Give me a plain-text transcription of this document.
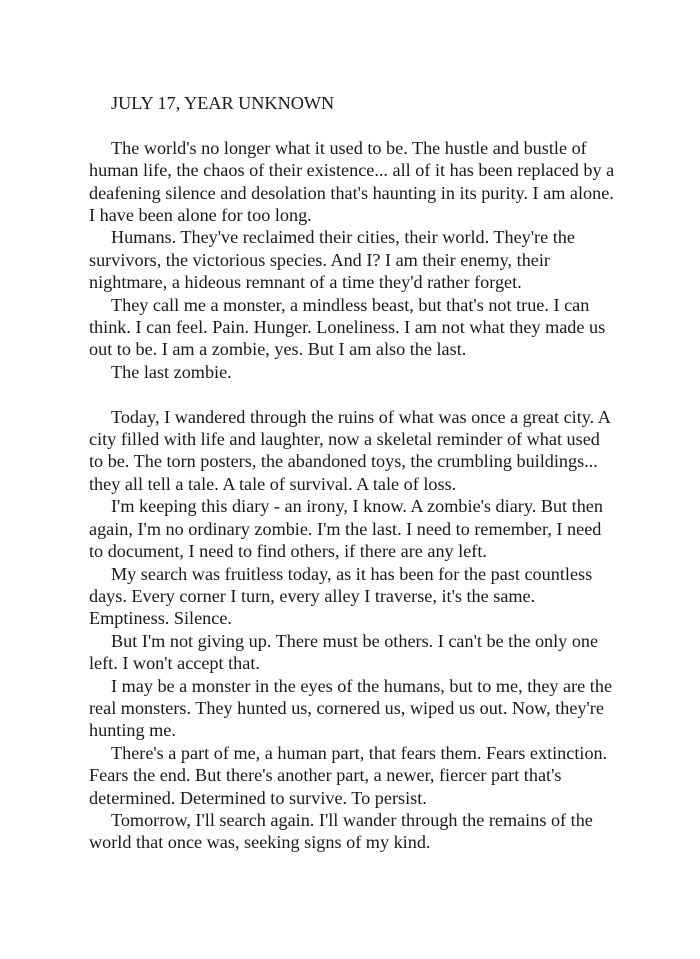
JULY 17, YEAR UNKNOWN

The world's no longer what it used to be. The hustle and bustle of human life, the chaos of their existence... all of it has been replaced by a deafening silence and desolation that's haunting in its purity. I am alone. I have been alone for too long.

Humans. They've reclaimed their cities, their world. They're the survivors, the victorious species. And I? I am their enemy, their nightmare, a hideous remnant of a time they'd rather forget.

They call me a monster, a mindless beast, but that's not true. I can think. I can feel. Pain. Hunger. Loneliness. I am not what they made us out to be. I am a zombie, yes. But I am also the last.

The last zombie.

Today, I wandered through the ruins of what was once a great city. A city filled with life and laughter, now a skeletal reminder of what used to be. The torn posters, the abandoned toys, the crumbling buildings... they all tell a tale. A tale of survival. A tale of loss.

I'm keeping this diary - an irony, I know. A zombie's diary. But then again, I'm no ordinary zombie. I'm the last. I need to remember, I need to document, I need to find others, if there are any left.

My search was fruitless today, as it has been for the past countless days. Every corner I turn, every alley I traverse, it's the same. Emptiness. Silence.

But I'm not giving up. There must be others. I can't be the only one left. I won't accept that.

I may be a monster in the eyes of the humans, but to me, they are the real monsters. They hunted us, cornered us, wiped us out. Now, they're hunting me.

There's a part of me, a human part, that fears them. Fears extinction. Fears the end. But there's another part, a newer, fiercer part that's determined. Determined to survive. To persist.

Tomorrow, I'll search again. I'll wander through the remains of the world that once was, seeking signs of my kind.
